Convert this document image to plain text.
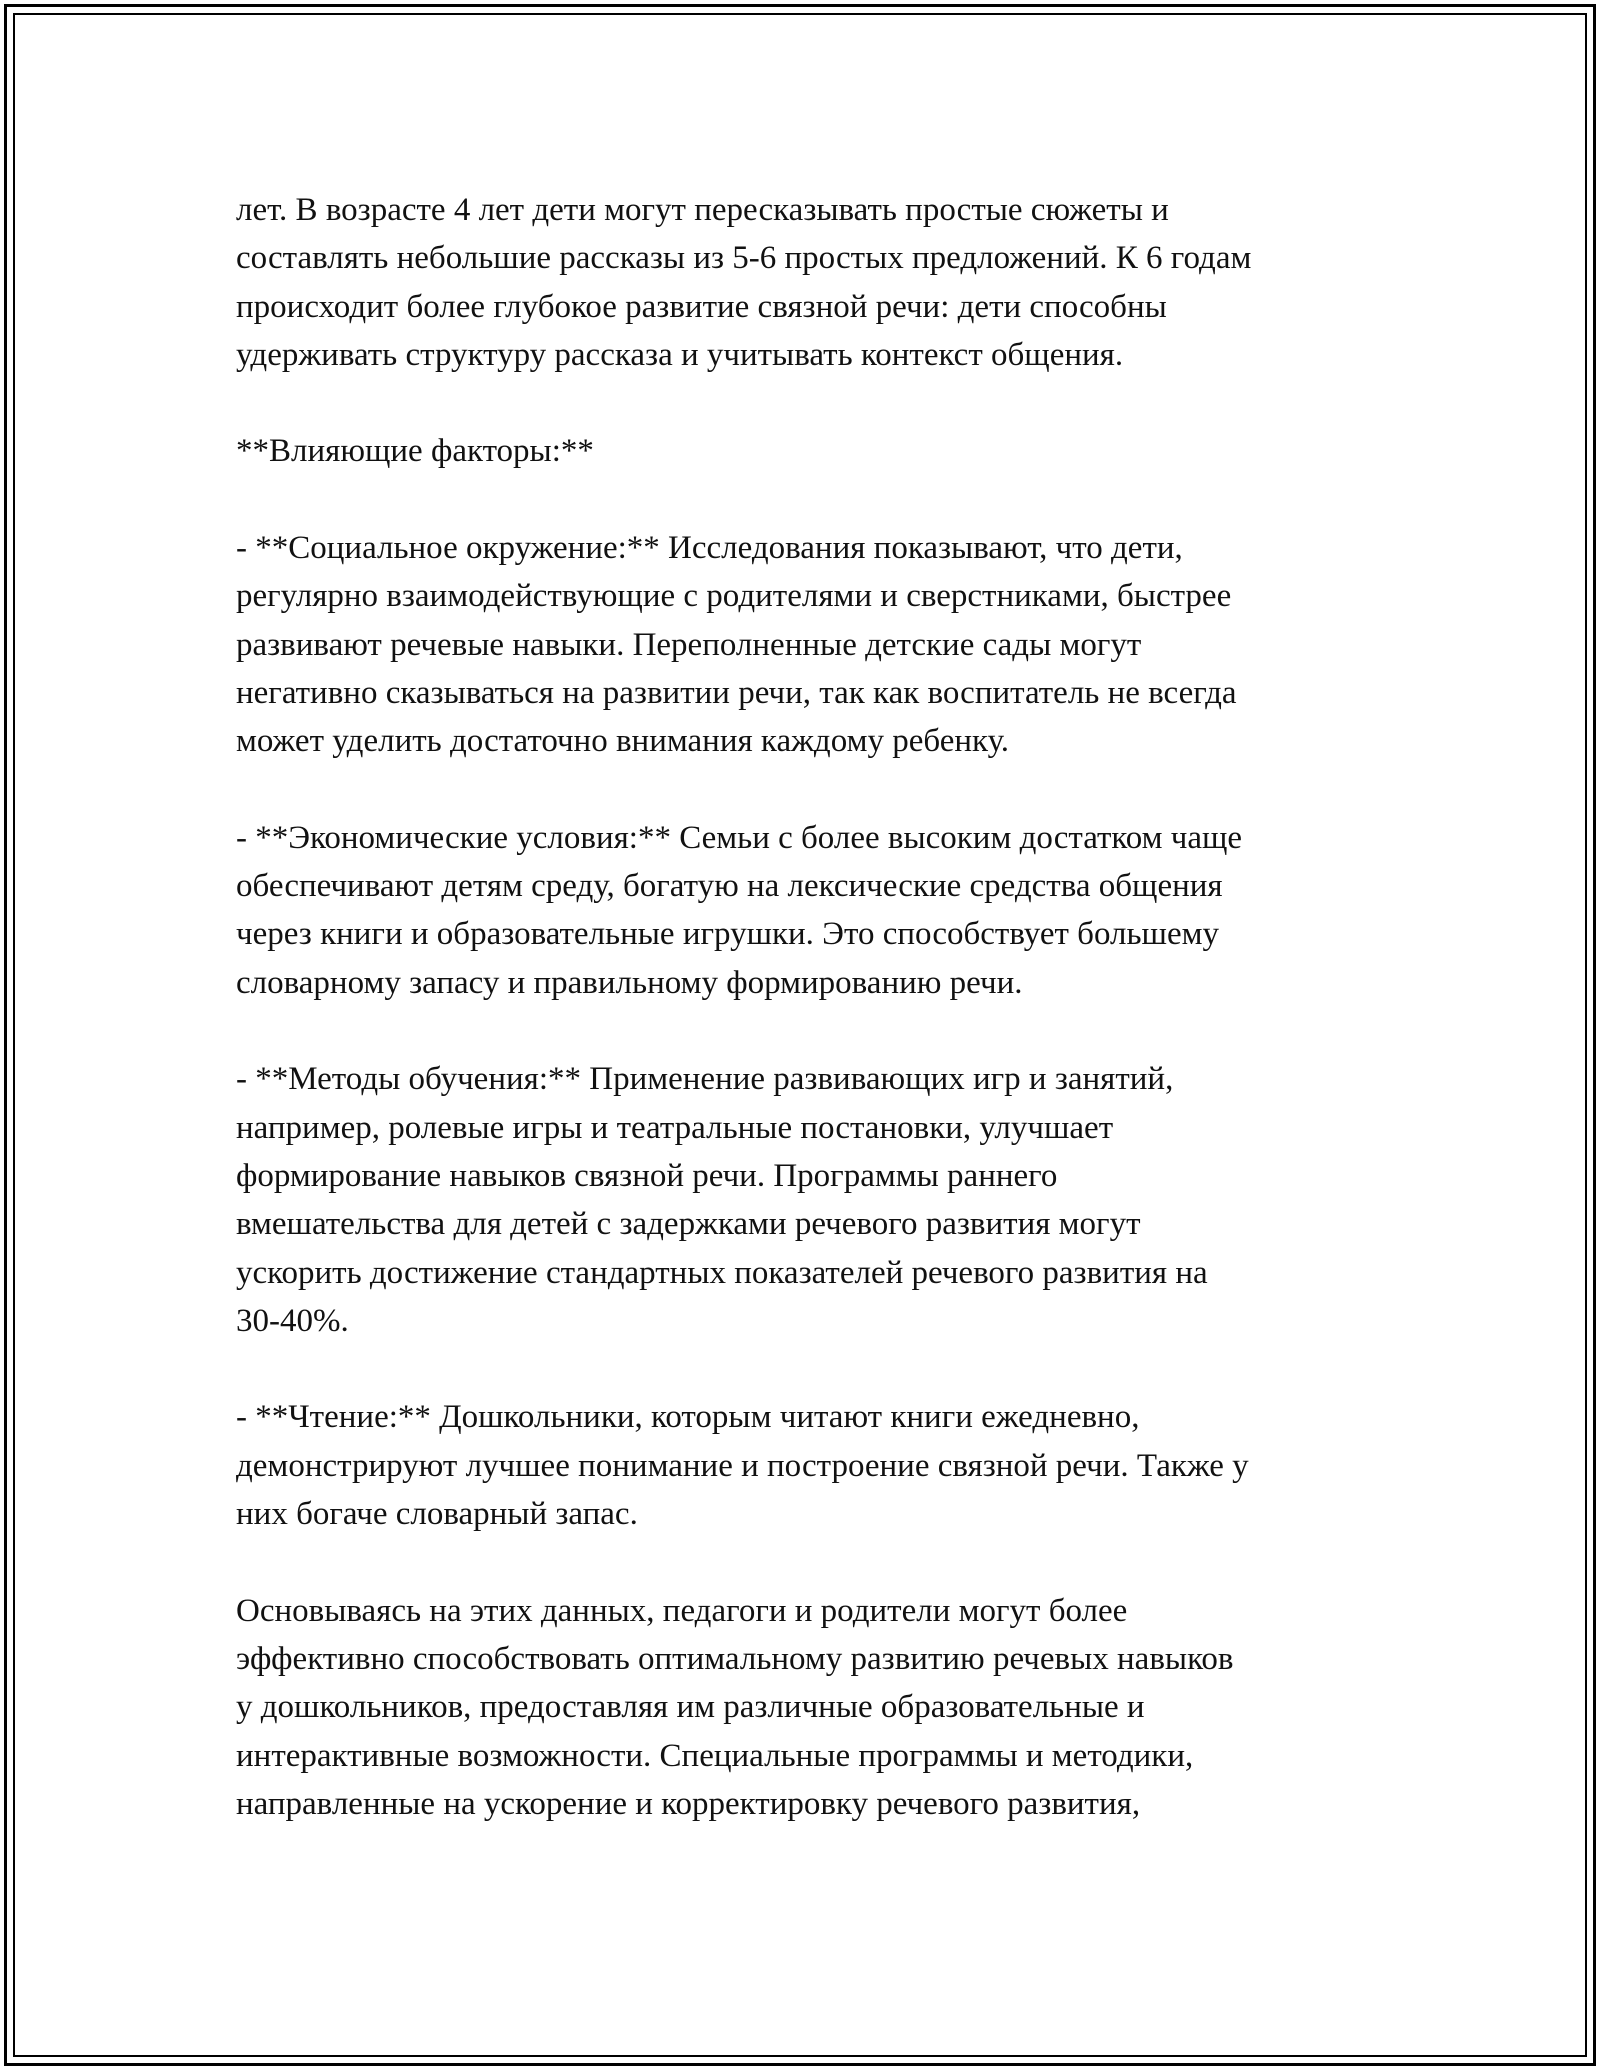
лет. В возрасте 4 лет дети могут пересказывать простые сюжеты и
составлять небольшие рассказы из 5-6 простых предложений. К 6 годам
происходит более глубокое развитие связной речи: дети способны
удерживать структуру рассказа и учитывать контекст общения.

**Влияющие факторы:**

- **Социальное окружение:** Исследования показывают, что дети,
регулярно взаимодействующие с родителями и сверстниками, быстрее
развивают речевые навыки. Переполненные детские сады могут
негативно сказываться на развитии речи, так как воспитатель не всегда
может уделить достаточно внимания каждому ребенку.

- **Экономические условия:** Семьи с более высоким достатком чаще
обеспечивают детям среду, богатую на лексические средства общения
через книги и образовательные игрушки. Это способствует большему
словарному запасу и правильному формированию речи.

- **Методы обучения:** Применение развивающих игр и занятий,
например, ролевые игры и театральные постановки, улучшает
формирование навыков связной речи. Программы раннего
вмешательства для детей с задержками речевого развития могут
ускорить достижение стандартных показателей речевого развития на
30-40%.

- **Чтение:** Дошкольники, которым читают книги ежедневно,
демонстрируют лучшее понимание и построение связной речи. Также у
них богаче словарный запас.

Основываясь на этих данных, педагоги и родители могут более
эффективно способствовать оптимальному развитию речевых навыков
у дошкольников, предоставляя им различные образовательные и
интерактивные возможности. Специальные программы и методики,
направленные на ускорение и корректировку речевого развития,
